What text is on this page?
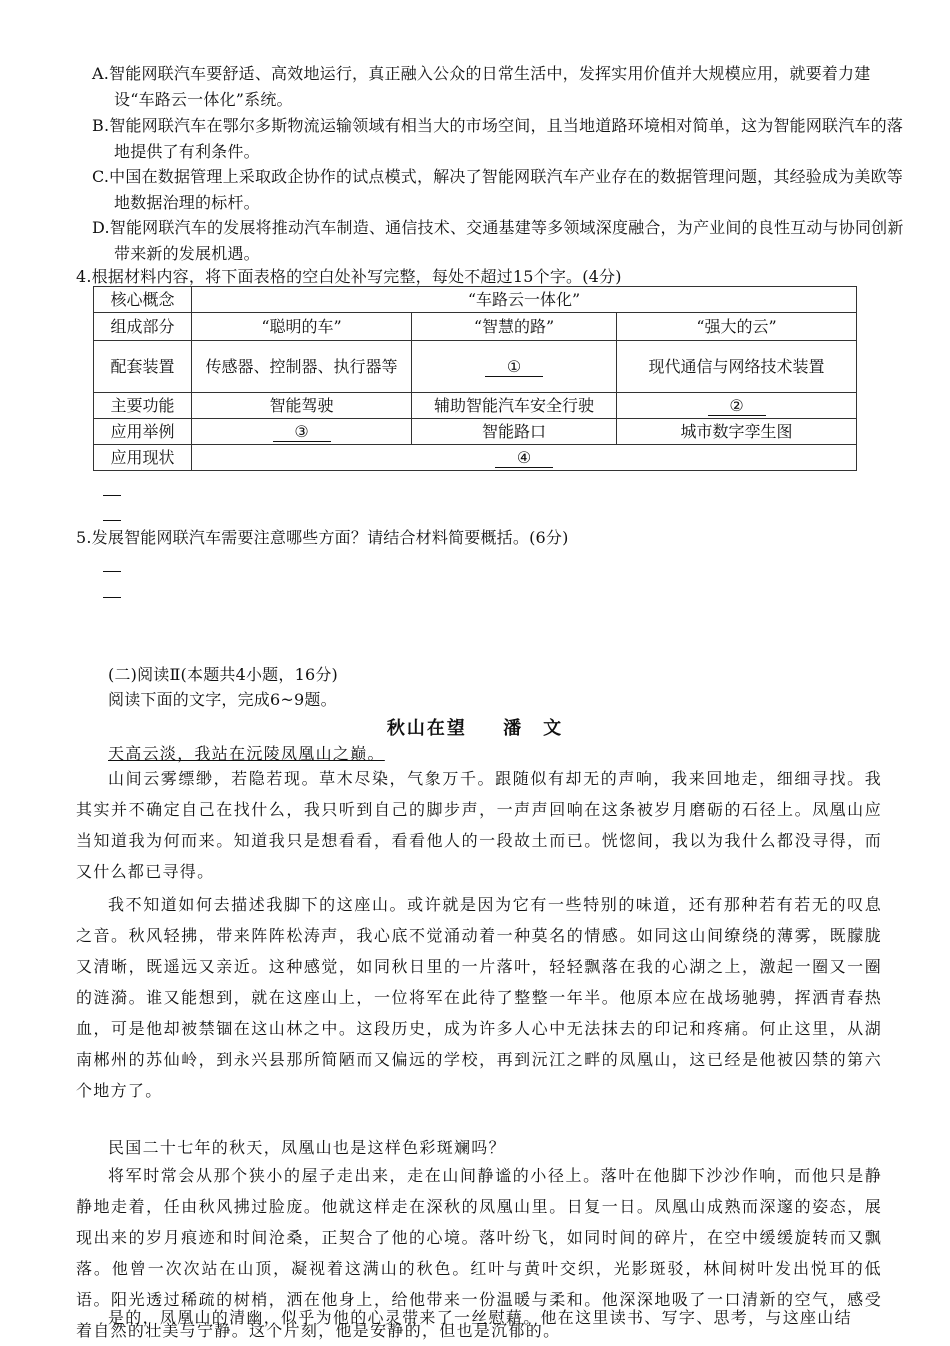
A.智能网联汽车要舒适、高效地运行，真正融入公众的日常生活中，发挥实用价值并大规模应用，就要着力建设“车路云一体化”系统。
B.智能网联汽车在鄂尔多斯物流运输领域有相当大的市场空间，且当地道路环境相对简单，这为智能网联汽车的落地提供了有利条件。
C.中国在数据管理上采取政企协作的试点模式，解决了智能网联汽车产业存在的数据管理问题，其经验成为美欧等地数据治理的标杆。
D.智能网联汽车的发展将推动汽车制造、通信技术、交通基建等多领域深度融合，为产业间的良性互动与协同创新带来新的发展机遇。
4.根据材料内容，将下面表格的空白处补写完整，每处不超过15个字。(4分)
核心概念	“车路云一体化”		
组成部分	“聪明的车”	“智慧的路”	“强大的云”
配套装置	传感器、控制器、执行器等	①	现代通信与网络技术装置
主要功能	智能驾驶	辅助智能汽车安全行驶	②
应用举例	③	智能路口	城市数字孪生图
应用现状	④		
5.发展智能网联汽车需要注意哪些方面？请结合材料简要概括。(6分)
(二)阅读Ⅱ(本题共4小题，16分)
阅读下面的文字，完成6~9题。
秋山在望 潘　文
天高云淡，我站在沅陵凤凰山之巅。
山间云雾缥缈，若隐若现。草木尽染，气象万千。跟随似有却无的声响，我来回地走，细细寻找。我其实并不确定自己在找什么，我只听到自己的脚步声，一声声回响在这条被岁月磨砺的石径上。凤凰山应当知道我为何而来。知道我只是想看看，看看他人的一段故土而已。恍惚间，我以为我什么都没寻得，而又什么都已寻得。
我不知道如何去描述我脚下的这座山。或许就是因为它有一些特别的味道，还有那种若有若无的叹息之音。秋风轻拂，带来阵阵松涛声，我心底不觉涌动着一种莫名的情感。如同这山间缭绕的薄雾，既朦胧又清晰，既遥远又亲近。这种感觉，如同秋日里的一片落叶，轻轻飘落在我的心湖之上，激起一圈又一圈的涟漪。谁又能想到，就在这座山上，一位将军在此待了整整一年半。他原本应在战场驰骋，挥洒青春热血，可是他却被禁锢在这山林之中。这段历史，成为许多人心中无法抹去的印记和疼痛。何止这里，从湖南郴州的苏仙岭，到永兴县那所简陋而又偏远的学校，再到沅江之畔的凤凰山，这已经是他被囚禁的第六个地方了。
民国二十七年的秋天，凤凰山也是这样色彩斑斓吗？
将军时常会从那个狭小的屋子走出来，走在山间静谧的小径上。落叶在他脚下沙沙作响，而他只是静静地走着，任由秋风拂过脸庞。他就这样走在深秋的凤凰山里。日复一日。凤凰山成熟而深邃的姿态，展现出来的岁月痕迹和时间沧桑，正契合了他的心境。落叶纷飞，如同时间的碎片，在空中缓缓旋转而又飘落。他曾一次次站在山顶，凝视着这满山的秋色。红叶与黄叶交织，光影斑驳，林间树叶发出悦耳的低语。阳光透过稀疏的树梢，洒在他身上，给他带来一份温暖与柔和。他深深地吸了一口清新的空气，感受着自然的壮美与宁静。这个片刻，他是安静的，但也是沉郁的。
是的，凤凰山的清幽，似乎为他的心灵带来了一丝慰藉。他在这里读书、写字、思考，与这座山结
